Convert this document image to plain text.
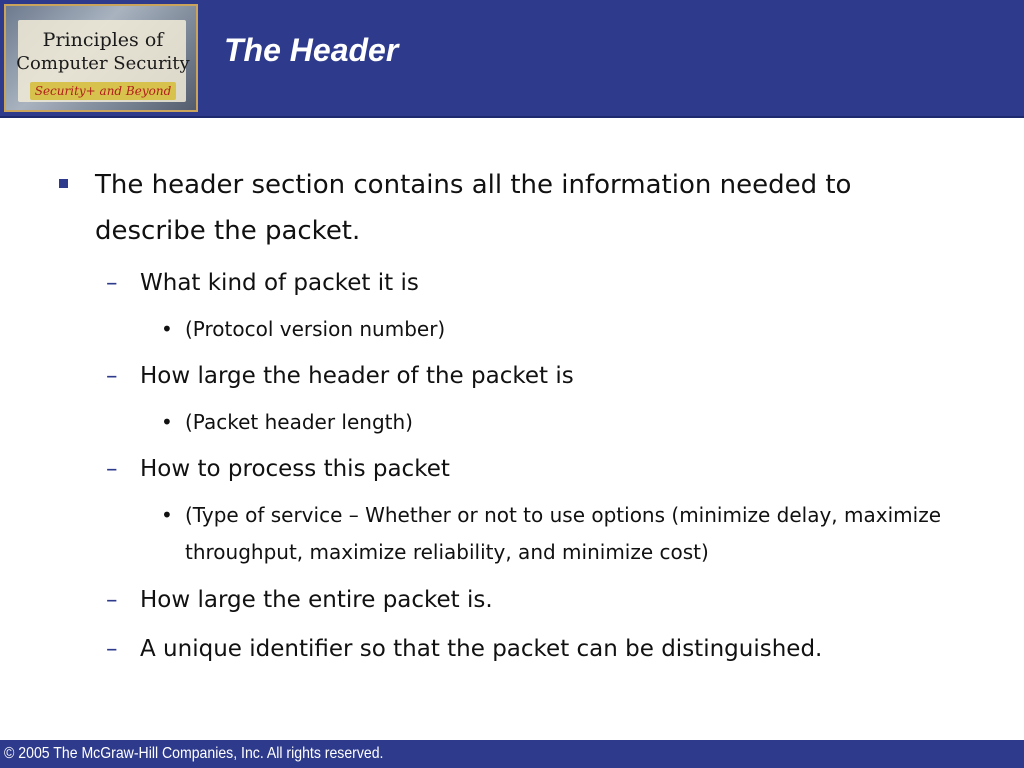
Principles of
Computer Security
Security+ and Beyond
The Header
The header section contains all the information needed to describe the packet.
– What kind of packet it is
• (Protocol version number)
– How large the header of the packet is
• (Packet header length)
– How to process this packet
• (Type of service – Whether or not to use options (minimize delay, maximize throughput, maximize reliability, and minimize cost)
– How large the entire packet is.
– A unique identifier so that the packet can be distinguished.
© 2005 The McGraw-Hill Companies, Inc. All rights reserved.
